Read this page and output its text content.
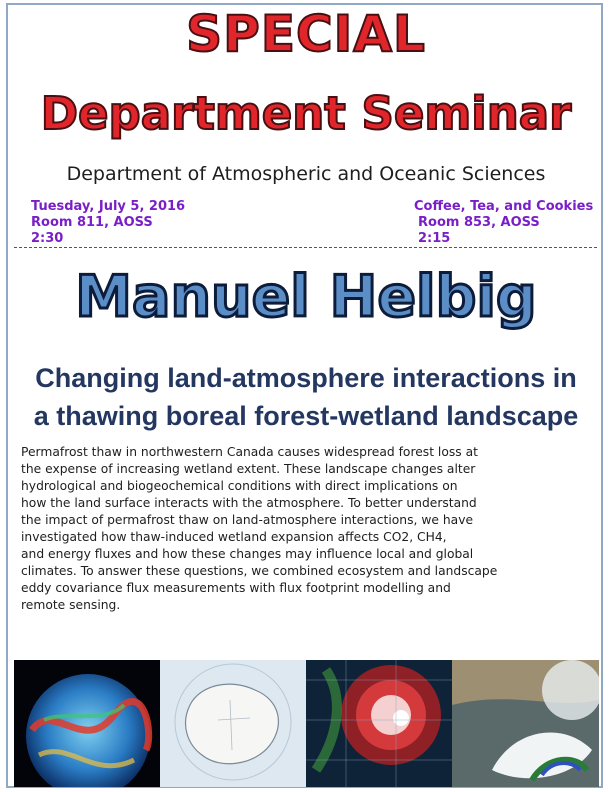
SPECIAL
Department Seminar
Department of Atmospheric and Oceanic Sciences
Tuesday, July 5, 2016
Room 811, AOSS
2:30
Coffee, Tea, and Cookies
Room 853, AOSS
2:15
Manuel Helbig
Changing land-atmosphere interactions in
a thawing boreal forest-wetland landscape
Permafrost thaw in northwestern Canada causes widespread forest loss at
the expense of increasing wetland extent. These landscape changes alter
hydrological and biogeochemical conditions with direct implications on
how the land surface interacts with the atmosphere. To better understand
the impact of permafrost thaw on land-atmosphere interactions, we have
investigated how thaw-induced wetland expansion affects CO2, CH4,
and energy fluxes and how these changes may influence local and global
climates. To answer these questions, we combined ecosystem and landscape
eddy covariance flux measurements with flux footprint modelling and
remote sensing.
